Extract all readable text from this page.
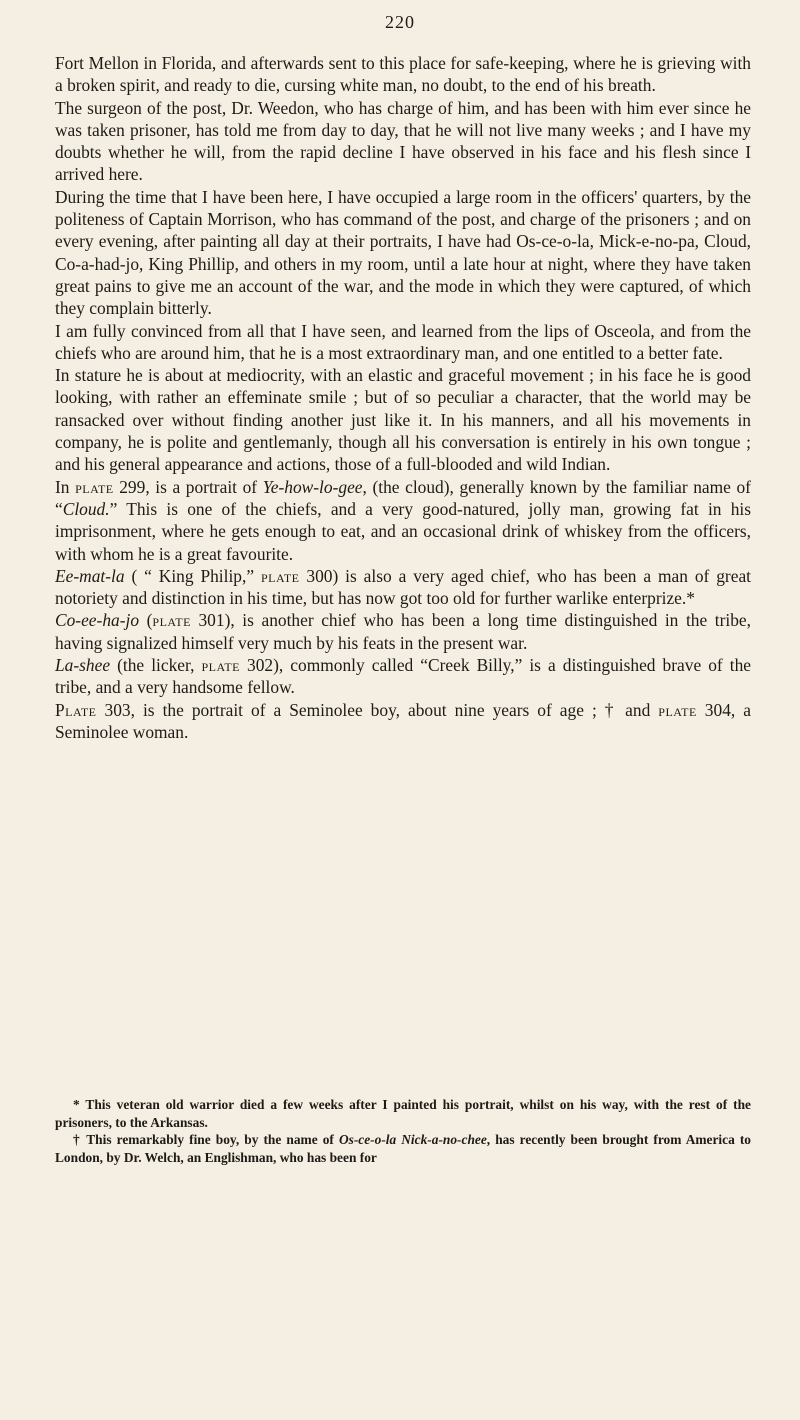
220

Fort Mellon in Florida, and afterwards sent to this place for safe-keeping, where he is grieving with a broken spirit, and ready to die, cursing white man, no doubt, to the end of his breath.

The surgeon of the post, Dr. Weedon, who has charge of him, and has been with him ever since he was taken prisoner, has told me from day to day, that he will not live many weeks ; and I have my doubts whether he will, from the rapid decline I have observed in his face and his flesh since I arrived here.

During the time that I have been here, I have occupied a large room in the officers' quarters, by the politeness of Captain Morrison, who has command of the post, and charge of the prisoners ; and on every evening, after painting all day at their portraits, I have had Os-ce-o-la, Mick-e-no-pa, Cloud, Co-a-had-jo, King Phillip, and others in my room, until a late hour at night, where they have taken great pains to give me an account of the war, and the mode in which they were captured, of which they complain bitterly.

I am fully convinced from all that I have seen, and learned from the lips of Osceola, and from the chiefs who are around him, that he is a most extraordinary man, and one entitled to a better fate.

In stature he is about at mediocrity, with an elastic and graceful movement ; in his face he is good looking, with rather an effeminate smile ; but of so peculiar a character, that the world may be ransacked over without finding another just like it. In his manners, and all his movements in company, he is polite and gentlemanly, though all his conversation is entirely in his own tongue ; and his general appearance and actions, those of a full-blooded and wild Indian.

In plate 299, is a portrait of Ye-how-lo-gee, (the cloud), generally known by the familiar name of “Cloud.” This is one of the chiefs, and a very good-natured, jolly man, growing fat in his imprisonment, where he gets enough to eat, and an occasional drink of whiskey from the officers, with whom he is a great favourite.

Ee-mat-la ( “ King Philip,” plate 300) is also a very aged chief, who has been a man of great notoriety and distinction in his time, but has now got too old for further warlike enterprize.*

Co-ee-ha-jo (plate 301), is another chief who has been a long time distinguished in the tribe, having signalized himself very much by his feats in the present war.

La-shee (the licker, plate 302), commonly called “Creek Billy,” is a distinguished brave of the tribe, and a very handsome fellow.

Plate 303, is the portrait of a Seminolee boy, about nine years of age ; † and plate 304, a Seminolee woman.

* This veteran old warrior died a few weeks after I painted his portrait, whilst on his way, with the rest of the prisoners, to the Arkansas.

† This remarkably fine boy, by the name of Os-ce-o-la Nick-a-no-chee, has recently been brought from America to London, by Dr. Welch, an Englishman, who has been for
